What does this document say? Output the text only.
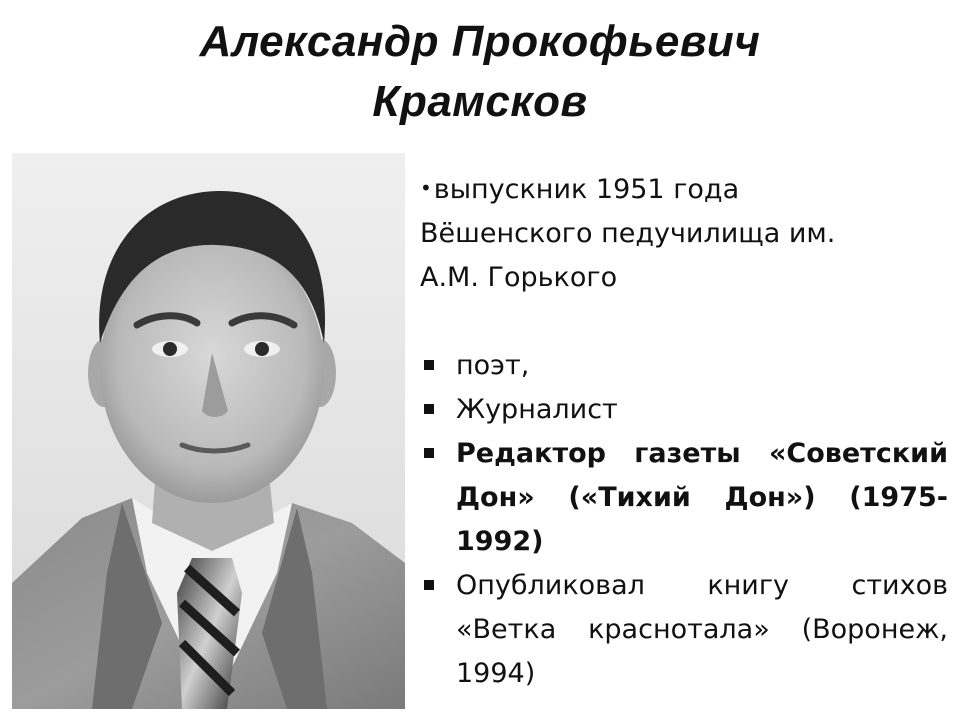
Александр Прокофьевич
Крамсков
•выпускник 1951 года
Вёшенского педучилища им.
А.М. Горького
поэт,
Журналист
Редактор газеты «Советский Дон» («Тихий Дон») (1975-1992)
Опубликовал книгу стихов «Ветка краснотала» (Воронеж, 1994)
